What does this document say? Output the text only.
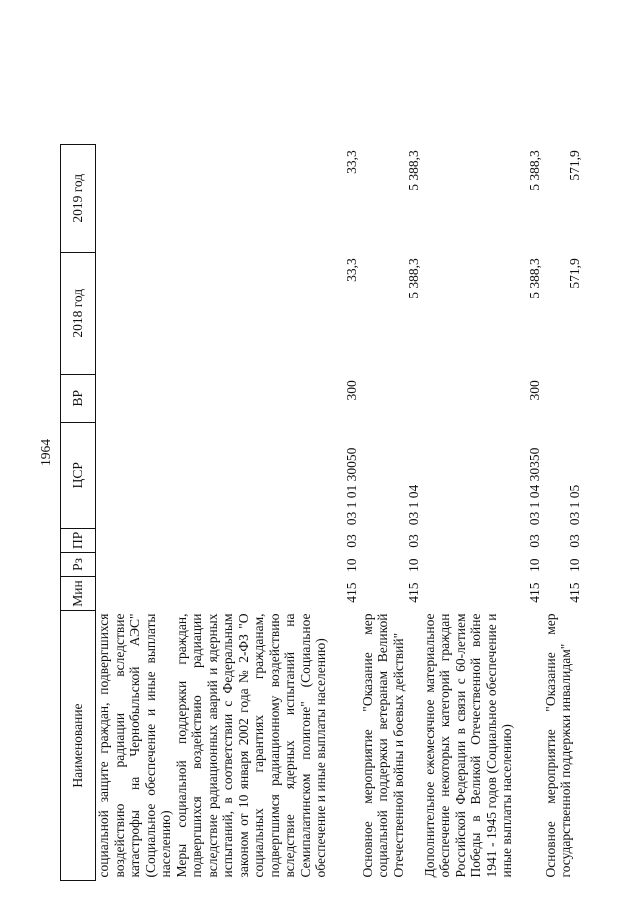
1964
Наименование	Мин	Рз	ПР	ЦСР	ВР	2018 год	2019 год
социальной защите граждан, подвергшихся воздействию радиации вследствие катастрофы на Чернобыльской АЭС" (Социальное обеспечение и иные выплаты населению)							
Меры социальной поддержки граждан, подвергшихся воздействию радиации вследствие радиационных аварий и ядерных испытаний, в соответствии с Федеральным законом от 10 января 2002 года № 2-ФЗ "О социальных гарантиях гражданам, подвергшимся радиационному воздействию вследствие ядерных испытаний на Семипалатинском полигоне" (Социальное обеспечение и иные выплаты населению)	415	10	03	03 1 01 30050	300	33,3	33,3
Основное мероприятие "Оказание мер социальной поддержки ветеранам Великой Отечественной войны и боевых действий"	415	10	03	03 1 04		5 388,3	5 388,3
Дополнительное ежемесячное материальное обеспечение некоторых категорий граждан Российской Федерации в связи с 60-летием Победы в Великой Отечественной войне 1941 - 1945 годов (Социальное обеспечение и иные выплаты населению)	415	10	03	03 1 04 30350	300	5 388,3	5 388,3
Основное мероприятие "Оказание мер государственной поддержки инвалидам"	415	10	03	03 1 05		571,9	571,9
